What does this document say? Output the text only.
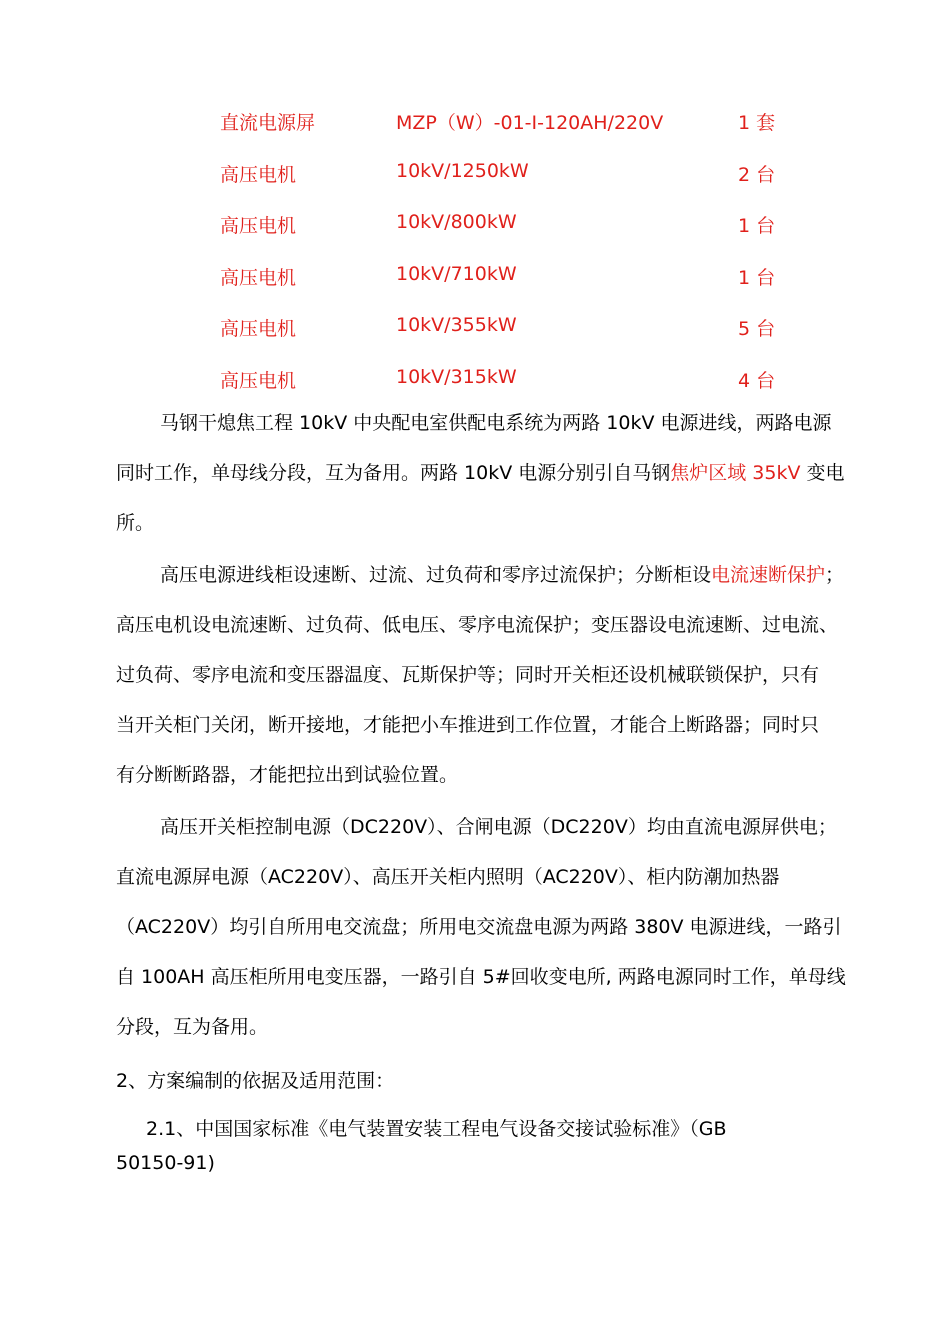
直流电源屏	MZP（W）-01-I-120AH/220V	1 套
高压电机	10kV/1250kW	2 台
高压电机	10kV/800kW	1 台
高压电机	10kV/710kW	1 台
高压电机	10kV/355kW	5 台
高压电机	10kV/315kW	4 台
马钢干熄焦工程 10kV 中央配电室供配电系统为两路 10kV 电源进线，两路电源
同时工作，单母线分段，互为备用。两路 10kV 电源分别引自马钢焦炉区域 35kV 变电
所。
高压电源进线柜设速断、过流、过负荷和零序过流保护；分断柜设电流速断保护；
高压电机设电流速断、过负荷、低电压、零序电流保护；变压器设电流速断、过电流、
过负荷、零序电流和变压器温度、瓦斯保护等；同时开关柜还设机械联锁保护，只有
当开关柜门关闭，断开接地，才能把小车推进到工作位置，才能合上断路器；同时只
有分断断路器，才能把拉出到试验位置。
高压开关柜控制电源（DC220V）、合闸电源（DC220V）均由直流电源屏供电；
直流电源屏电源（AC220V）、高压开关柜内照明（AC220V）、柜内防潮加热器
（AC220V）均引自所用电交流盘；所用电交流盘电源为两路 380V 电源进线，一路引
自 100AH 高压柜所用电变压器，一路引自 5#回收变电所, 两路电源同时工作，单母线
分段，互为备用。
2、方案编制的依据及适用范围：
2.1、中国国家标准《电气装置安装工程电气设备交接试验标准》（GB
50150-91)
